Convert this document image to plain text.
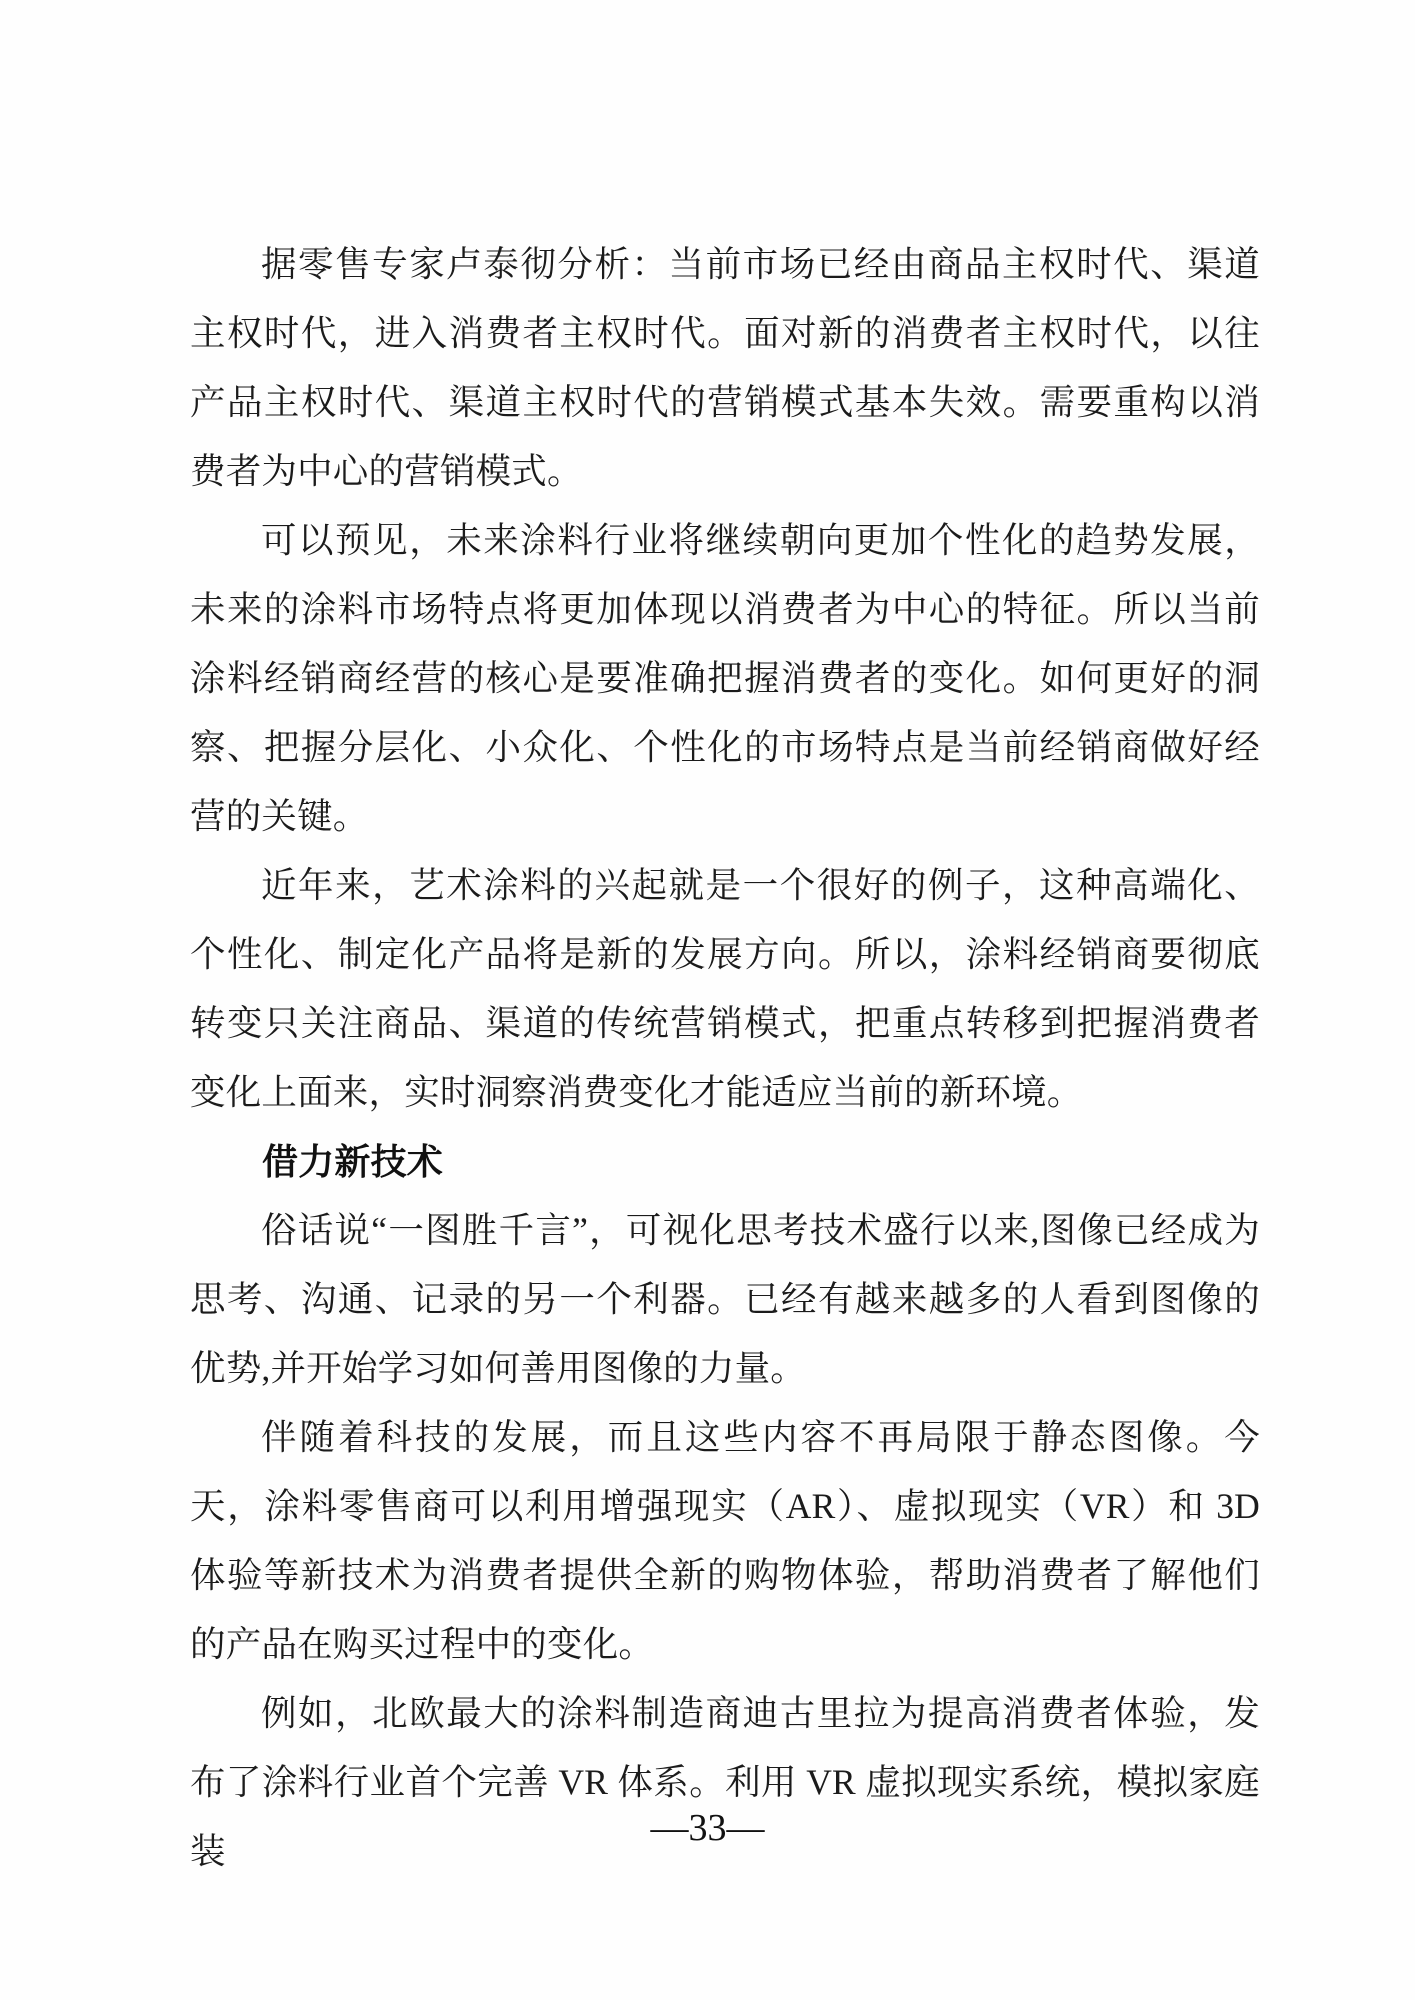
据零售专家卢泰彻分析：当前市场已经由商品主权时代、渠道主权时代，进入消费者主权时代。面对新的消费者主权时代，以往产品主权时代、渠道主权时代的营销模式基本失效。需要重构以消费者为中心的营销模式。

可以预见，未来涂料行业将继续朝向更加个性化的趋势发展，未来的涂料市场特点将更加体现以消费者为中心的特征。所以当前涂料经销商经营的核心是要准确把握消费者的变化。如何更好的洞察、把握分层化、小众化、个性化的市场特点是当前经销商做好经营的关键。

近年来，艺术涂料的兴起就是一个很好的例子，这种高端化、个性化、制定化产品将是新的发展方向。所以，涂料经销商要彻底转变只关注商品、渠道的传统营销模式，把重点转移到把握消费者变化上面来，实时洞察消费变化才能适应当前的新环境。

借力新技术

俗话说“一图胜千言”，可视化思考技术盛行以来,图像已经成为思考、沟通、记录的另一个利器。已经有越来越多的人看到图像的优势,并开始学习如何善用图像的力量。

伴随着科技的发展，而且这些内容不再局限于静态图像。今天，涂料零售商可以利用增强现实（AR）、虚拟现实（VR）和 3D 体验等新技术为消费者提供全新的购物体验，帮助消费者了解他们的产品在购买过程中的变化。

例如，北欧最大的涂料制造商迪古里拉为提高消费者体验，发布了涂料行业首个完善 VR 体系。利用 VR 虚拟现实系统，模拟家庭装

—33—
